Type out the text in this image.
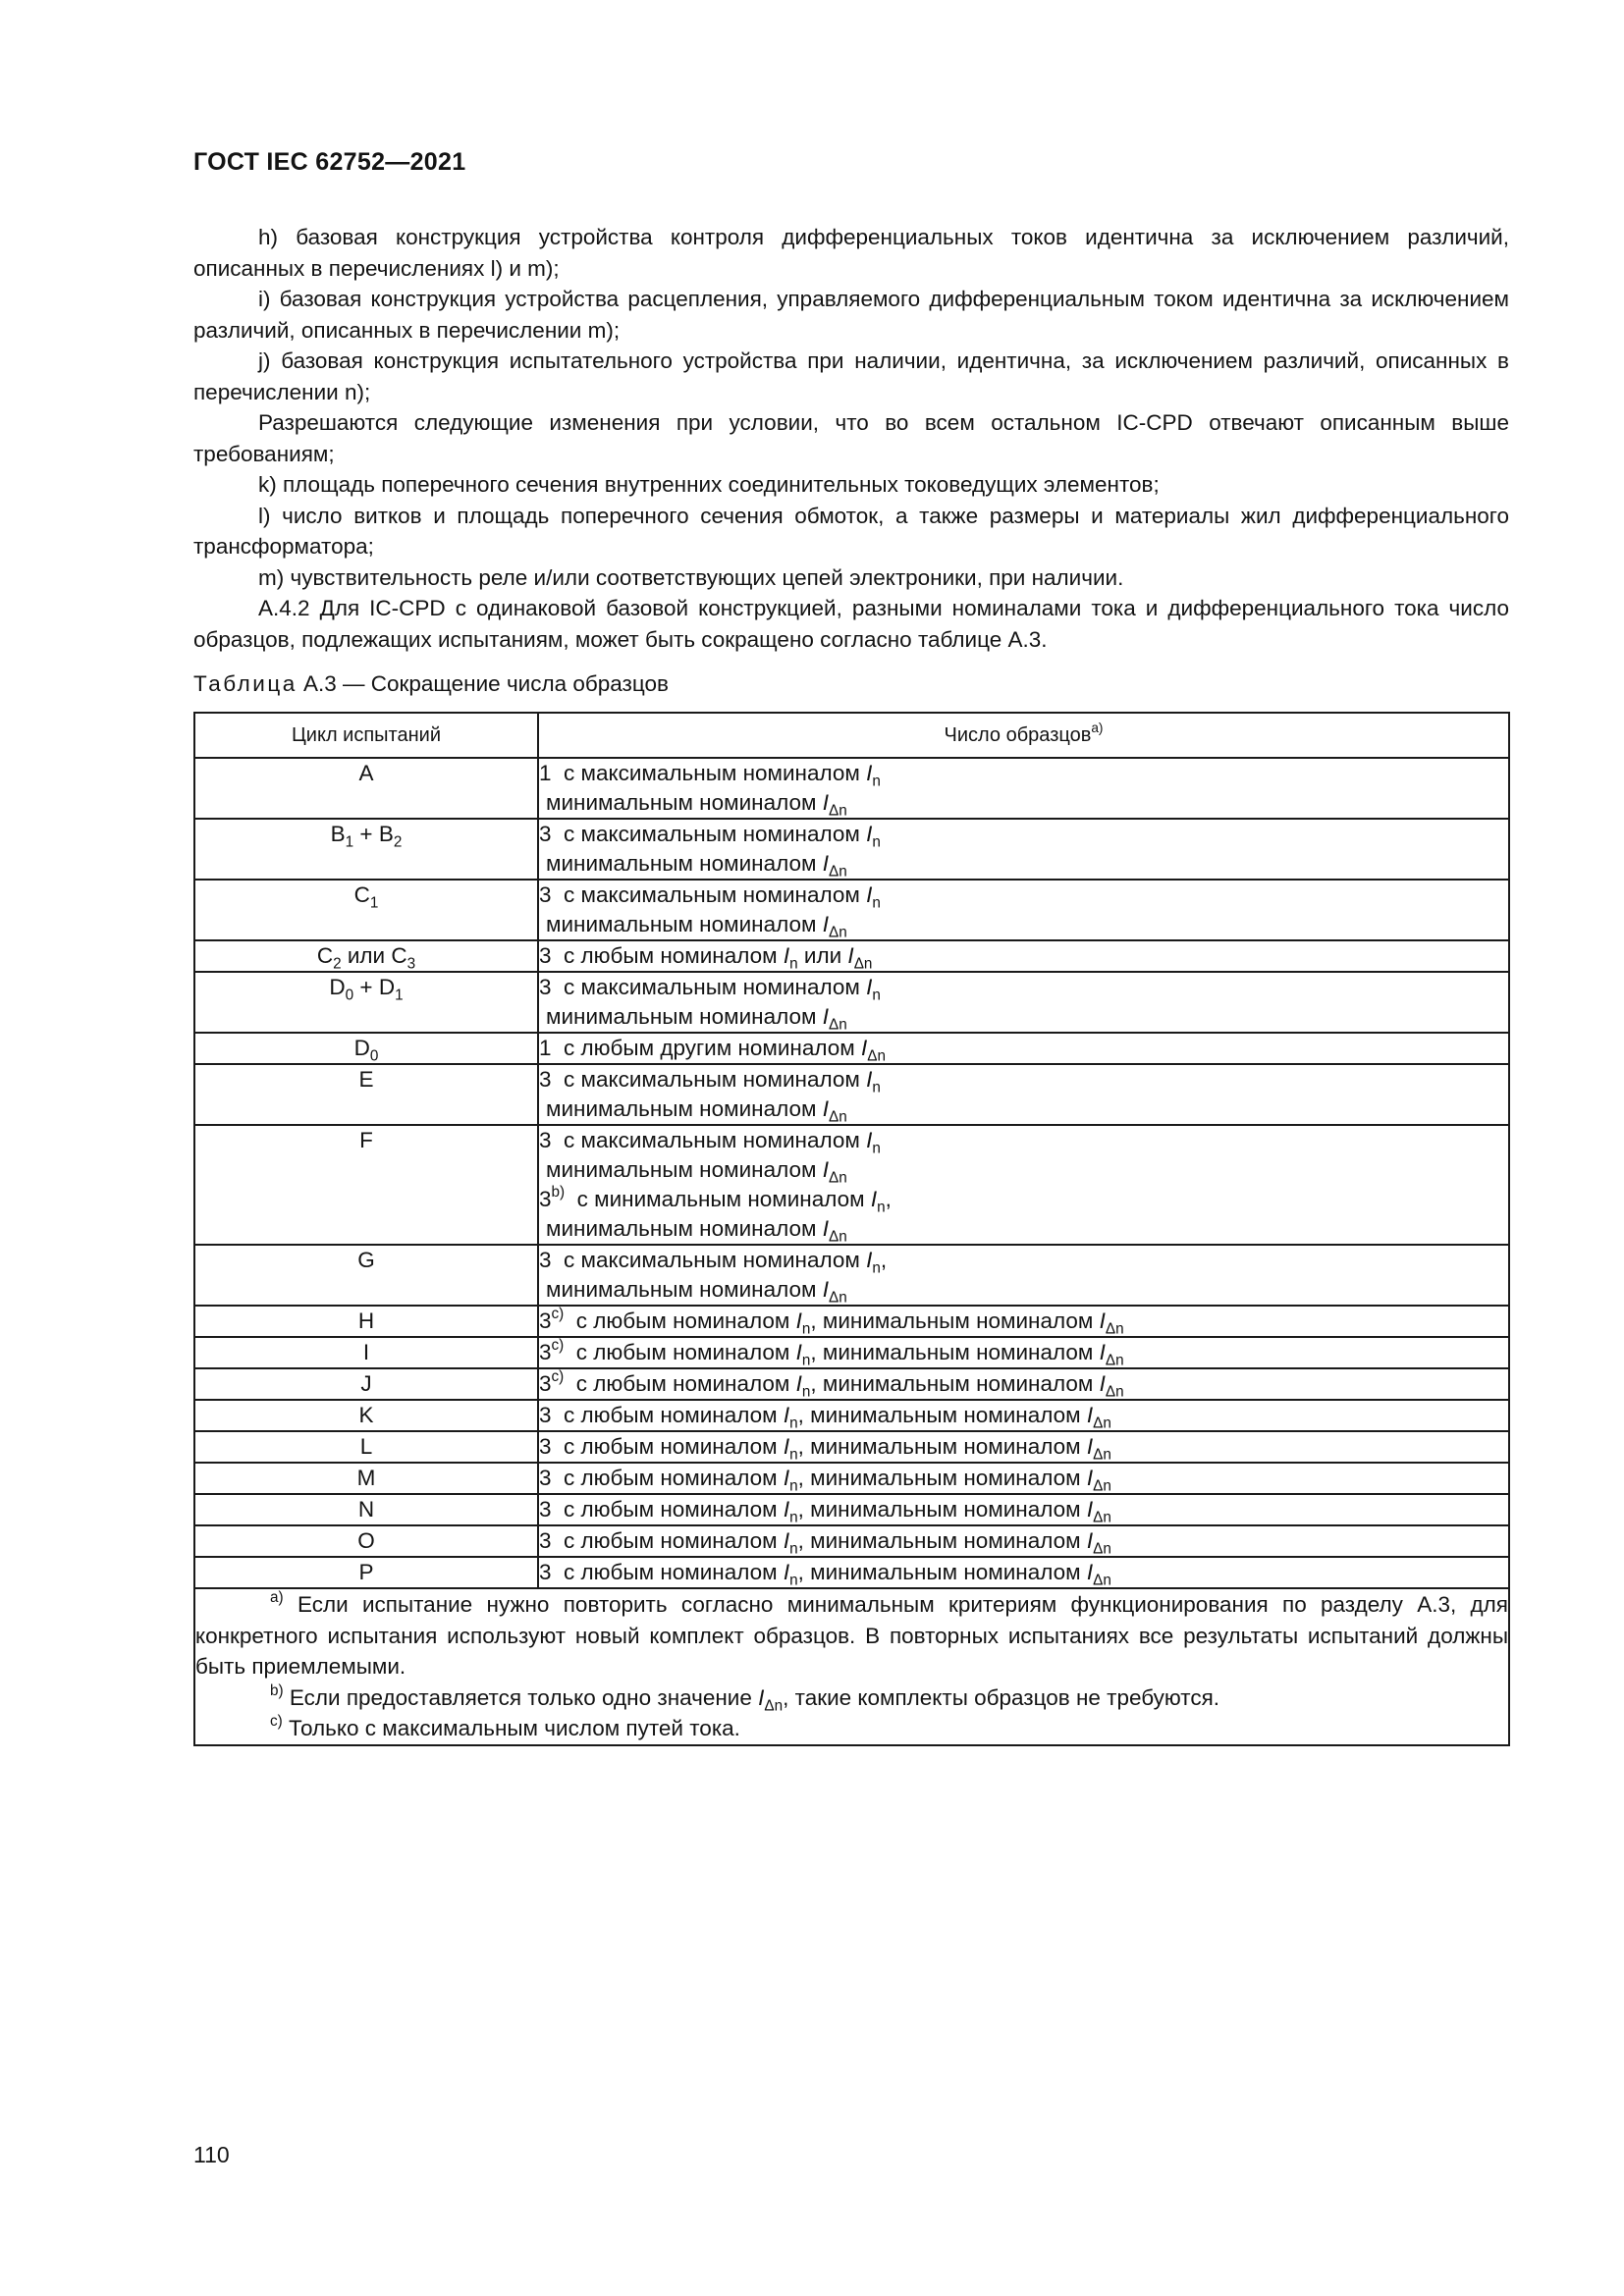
ГОСТ IEC 62752—2021

h) базовая конструкция устройства контроля дифференциальных токов идентична за исключением различий, описанных в перечислениях l) и m);

i) базовая конструкция устройства расцепления, управляемого дифференциальным током идентична за исключением различий, описанных в перечислении m);

j) базовая конструкция испытательного устройства при наличии, идентична, за исключением различий, описанных в перечислении n);

Разрешаются следующие изменения при условии, что во всем остальном IC-CPD отвечают описанным выше требованиям;

k) площадь поперечного сечения внутренних соединительных токоведущих элементов;

l) число витков и площадь поперечного сечения обмоток, а также размеры и материалы жил дифференциального трансформатора;

m) чувствительность реле и/или соответствующих цепей электроники, при наличии.

А.4.2 Для IC-CPD с одинаковой базовой конструкцией, разными номиналами тока и дифференциального тока число образцов, подлежащих испытаниям, может быть сокращено согласно таблице А.3.

Таблица А.3 — Сокращение числа образцов
Цикл испытаний	Число образцов$^{a)}$
A	1 с максимальным номиналом $I_n$
минимальным номиналом $I_{\Delta n}$

$B_1 + B_2$	3 с максимальным номиналом $I_n$
минимальным номиналом $I_{\Delta n}$

$C_1$	3 с максимальным номиналом $I_n$
минимальным номиналом $I_{\Delta n}$

$C_2$ или $C_3$	3 с любым номиналом $I_n$ или $I_{\Delta n}$

$D_0 + D_1$	3 с максимальным номиналом $I_n$
минимальным номиналом $I_{\Delta n}$

$D_0$	1 с любым другим номиналом $I_{\Delta n}$

E	3 с максимальным номиналом $I_n$
минимальным номиналом $I_{\Delta n}$

F	3 с максимальным номиналом $I_n$
минимальным номиналом $I_{\Delta n}$
3$^{b)}$ с минимальным номиналом $I_n$,
минимальным номиналом $I_{\Delta n}$

G	3 с максимальным номиналом $I_n$,
минимальным номиналом $I_{\Delta n}$

H	3$^{c)}$ с любым номиналом $I_n$, минимальным номиналом $I_{\Delta n}$

I	3$^{c)}$ с любым номиналом $I_n$, минимальным номиналом $I_{\Delta n}$

J	3$^{c)}$ с любым номиналом $I_n$, минимальным номиналом $I_{\Delta n}$

K	3 с любым номиналом $I_n$, минимальным номиналом $I_{\Delta n}$

L	3 с любым номиналом $I_n$, минимальным номиналом $I_{\Delta n}$

M	3 с любым номиналом $I_n$, минимальным номиналом $I_{\Delta n}$

N	3 с любым номиналом $I_n$, минимальным номиналом $I_{\Delta n}$

O	3 с любым номиналом $I_n$, минимальным номиналом $I_{\Delta n}$

P	3 с любым номиналом $I_n$, минимальным номиналом $I_{\Delta n}$

$^{a)}$ Если испытание нужно повторить согласно минимальным критериям функционирования по разделу А.3, для конкретного испытания используют новый комплект образцов. В повторных испытаниях все результаты испытаний должны быть приемлемыми.

$^{b)}$ Если предоставляется только одно значение $I_{\Delta n}$, такие комплекты образцов не требуются.

$^{c)}$ Только с максимальным числом путей тока.	

110
